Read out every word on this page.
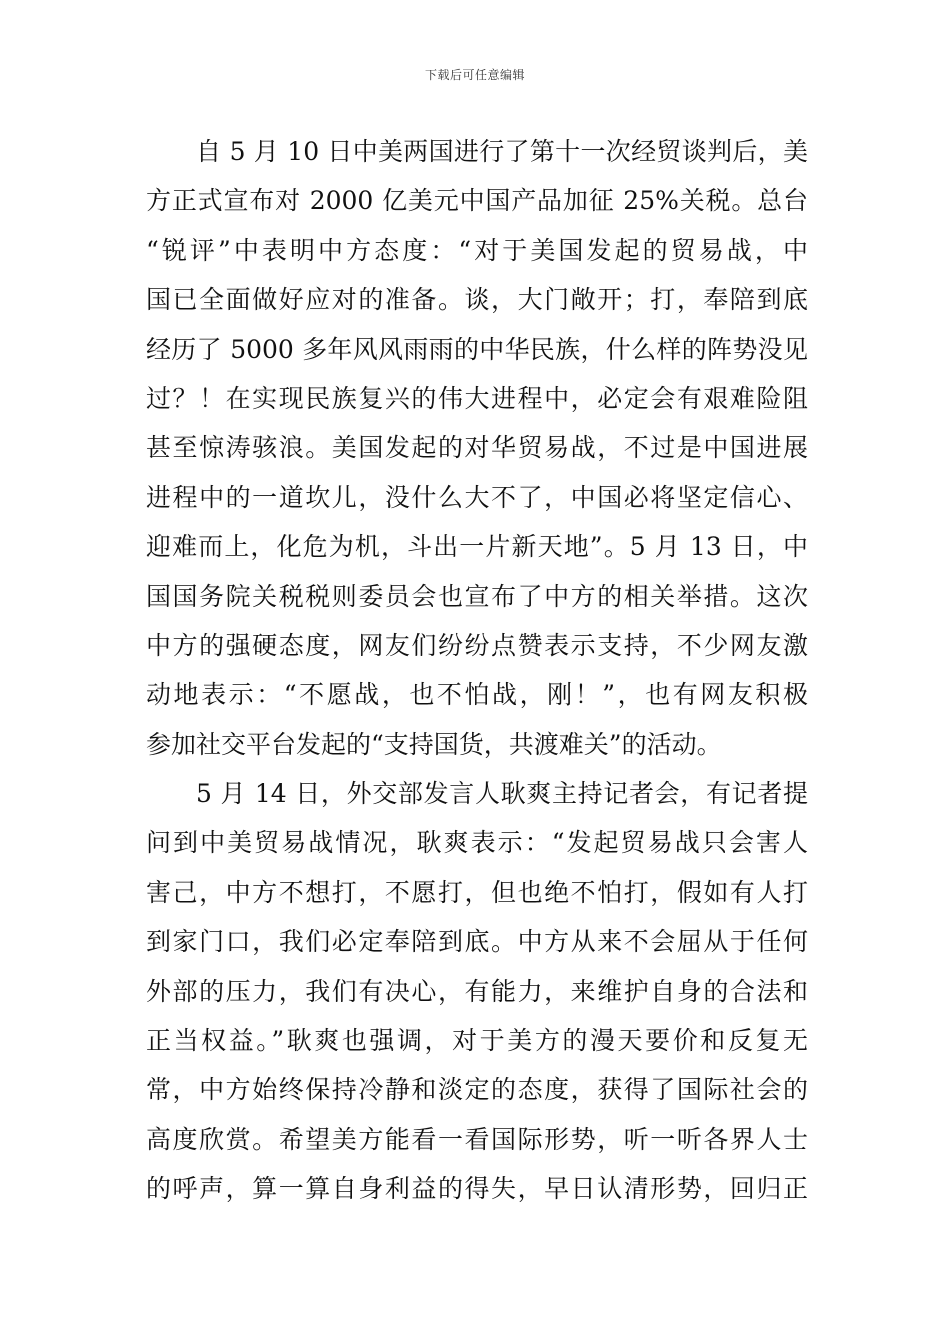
下载后可任意编辑
自 5 月 10 日中美两国进行了第十一次经贸谈判后，美
方正式宣布对 2000 亿美元中国产品加征 25%关税。总台
“锐评”中表明中方态度：“对于美国发起的贸易战，中
国已全面做好应对的准备。谈，大门敞开；打，奉陪到底
经历了 5000 多年风风雨雨的中华民族，什么样的阵势没见
过？！在实现民族复兴的伟大进程中，必定会有艰难险阻
甚至惊涛骇浪。美国发起的对华贸易战，不过是中国进展
进程中的一道坎儿，没什么大不了，中国必将坚定信心、
迎难而上，化危为机，斗出一片新天地”。5 月 13 日，中
国国务院关税税则委员会也宣布了中方的相关举措。这次
中方的强硬态度，网友们纷纷点赞表示支持，不少网友激
动地表示：“不愿战，也不怕战，刚！”，也有网友积极
参加社交平台发起的“支持国货，共渡难关”的活动。
5 月 14 日，外交部发言人耿爽主持记者会，有记者提
问到中美贸易战情况，耿爽表示：“发起贸易战只会害人
害己，中方不想打，不愿打，但也绝不怕打，假如有人打
到家门口，我们必定奉陪到底。中方从来不会屈从于任何
外部的压力，我们有决心，有能力，来维护自身的合法和
正当权益。”耿爽也强调，对于美方的漫天要价和反复无
常，中方始终保持冷静和淡定的态度，获得了国际社会的
高度欣赏。希望美方能看一看国际形势，听一听各界人士
的呼声，算一算自身利益的得失，早日认清形势，回归正
